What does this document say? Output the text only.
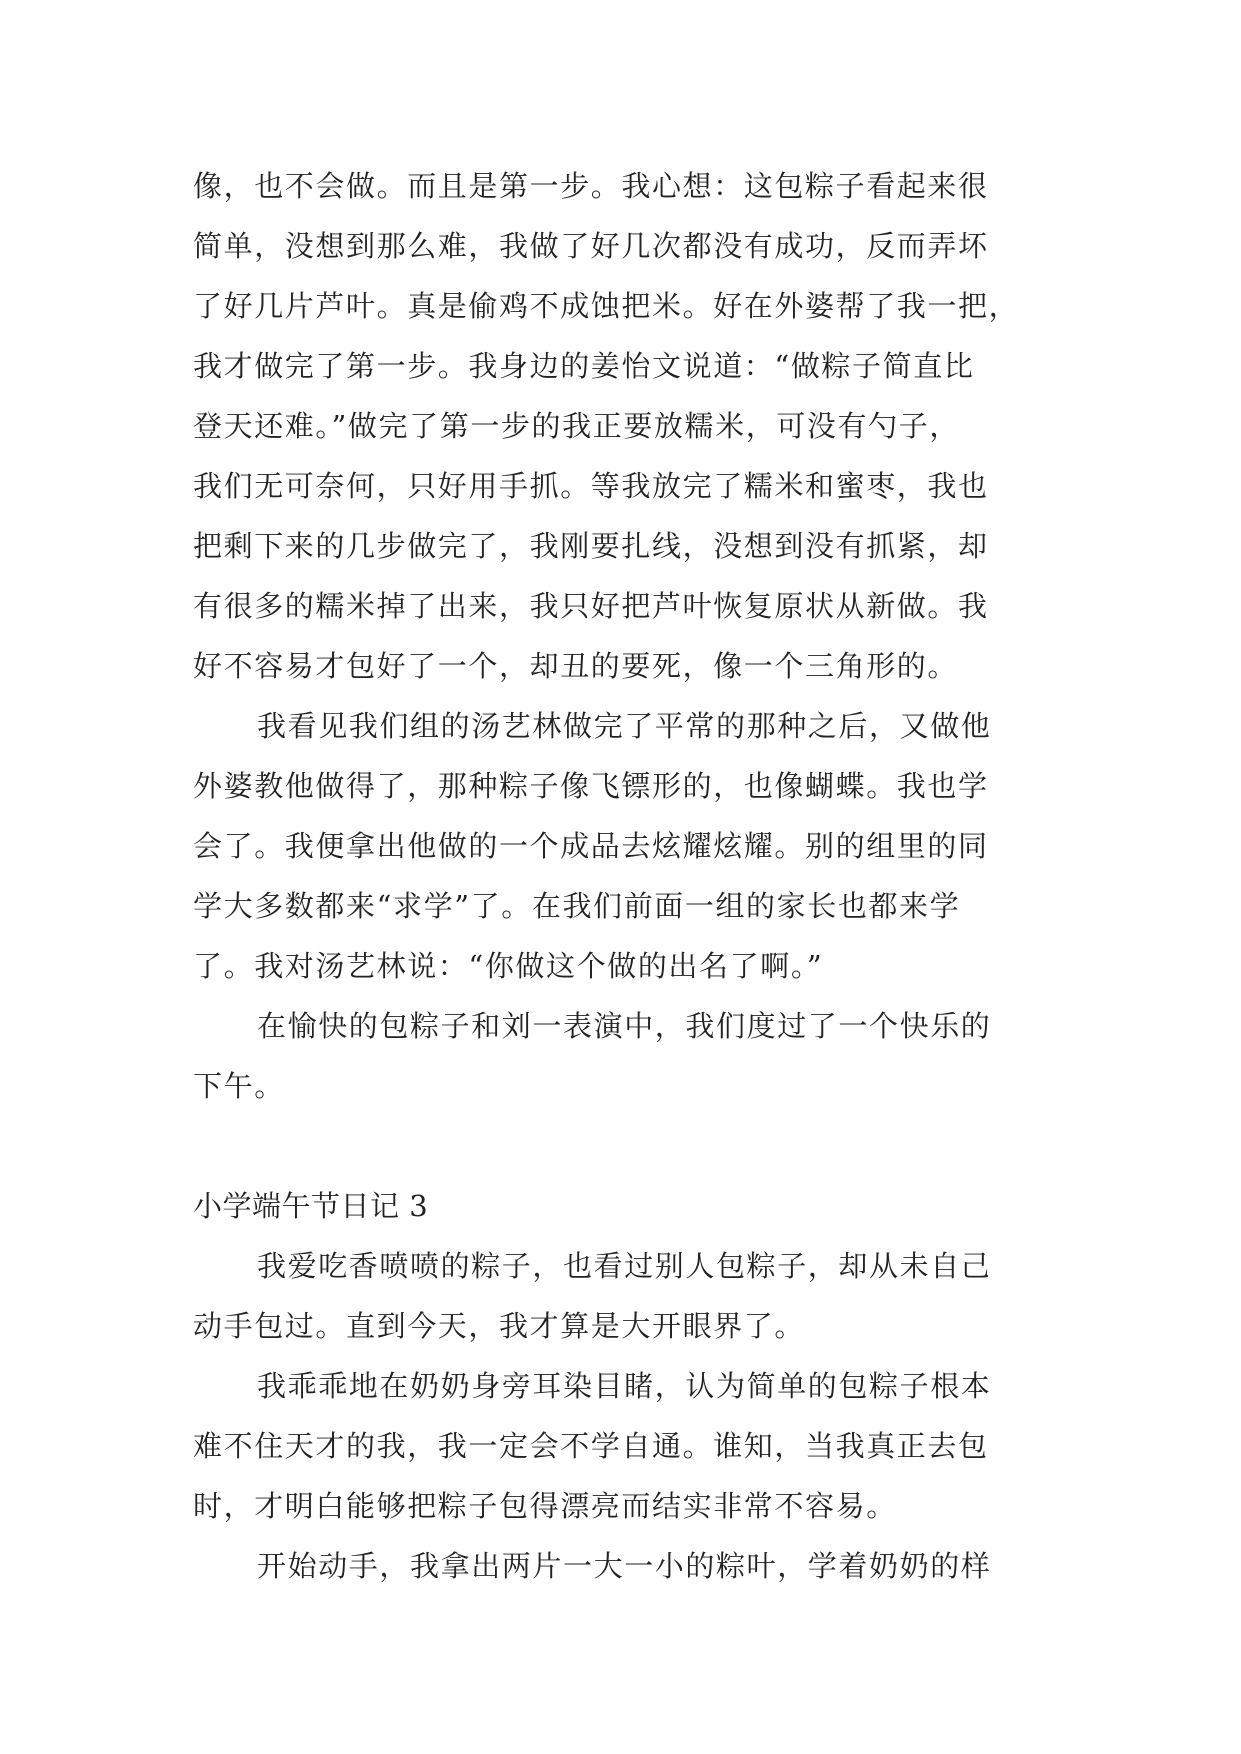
像，也不会做。而且是第一步。我心想：这包粽子看起来很
简单，没想到那么难，我做了好几次都没有成功，反而弄坏
了好几片芦叶。真是偷鸡不成蚀把米。好在外婆帮了我一把，
我才做完了第一步。我身边的姜怡文说道：“做粽子简直比
登天还难。”做完了第一步的我正要放糯米，可没有勺子，
我们无可奈何，只好用手抓。等我放完了糯米和蜜枣，我也
把剩下来的几步做完了，我刚要扎线，没想到没有抓紧，却
有很多的糯米掉了出来，我只好把芦叶恢复原状从新做。我
好不容易才包好了一个，却丑的要死，像一个三角形的。
我看见我们组的汤艺林做完了平常的那种之后，又做他
外婆教他做得了，那种粽子像飞镖形的，也像蝴蝶。我也学
会了。我便拿出他做的一个成品去炫耀炫耀。别的组里的同
学大多数都来“求学”了。在我们前面一组的家长也都来学
了。我对汤艺林说：“你做这个做的出名了啊。”
在愉快的包粽子和刘一表演中，我们度过了一个快乐的
下午。
小学端午节日记 3
我爱吃香喷喷的粽子，也看过别人包粽子，却从未自己
动手包过。直到今天，我才算是大开眼界了。
我乖乖地在奶奶身旁耳染目睹，认为简单的包粽子根本
难不住天才的我，我一定会不学自通。谁知，当我真正去包
时，才明白能够把粽子包得漂亮而结实非常不容易。
开始动手，我拿出两片一大一小的粽叶，学着奶奶的样
